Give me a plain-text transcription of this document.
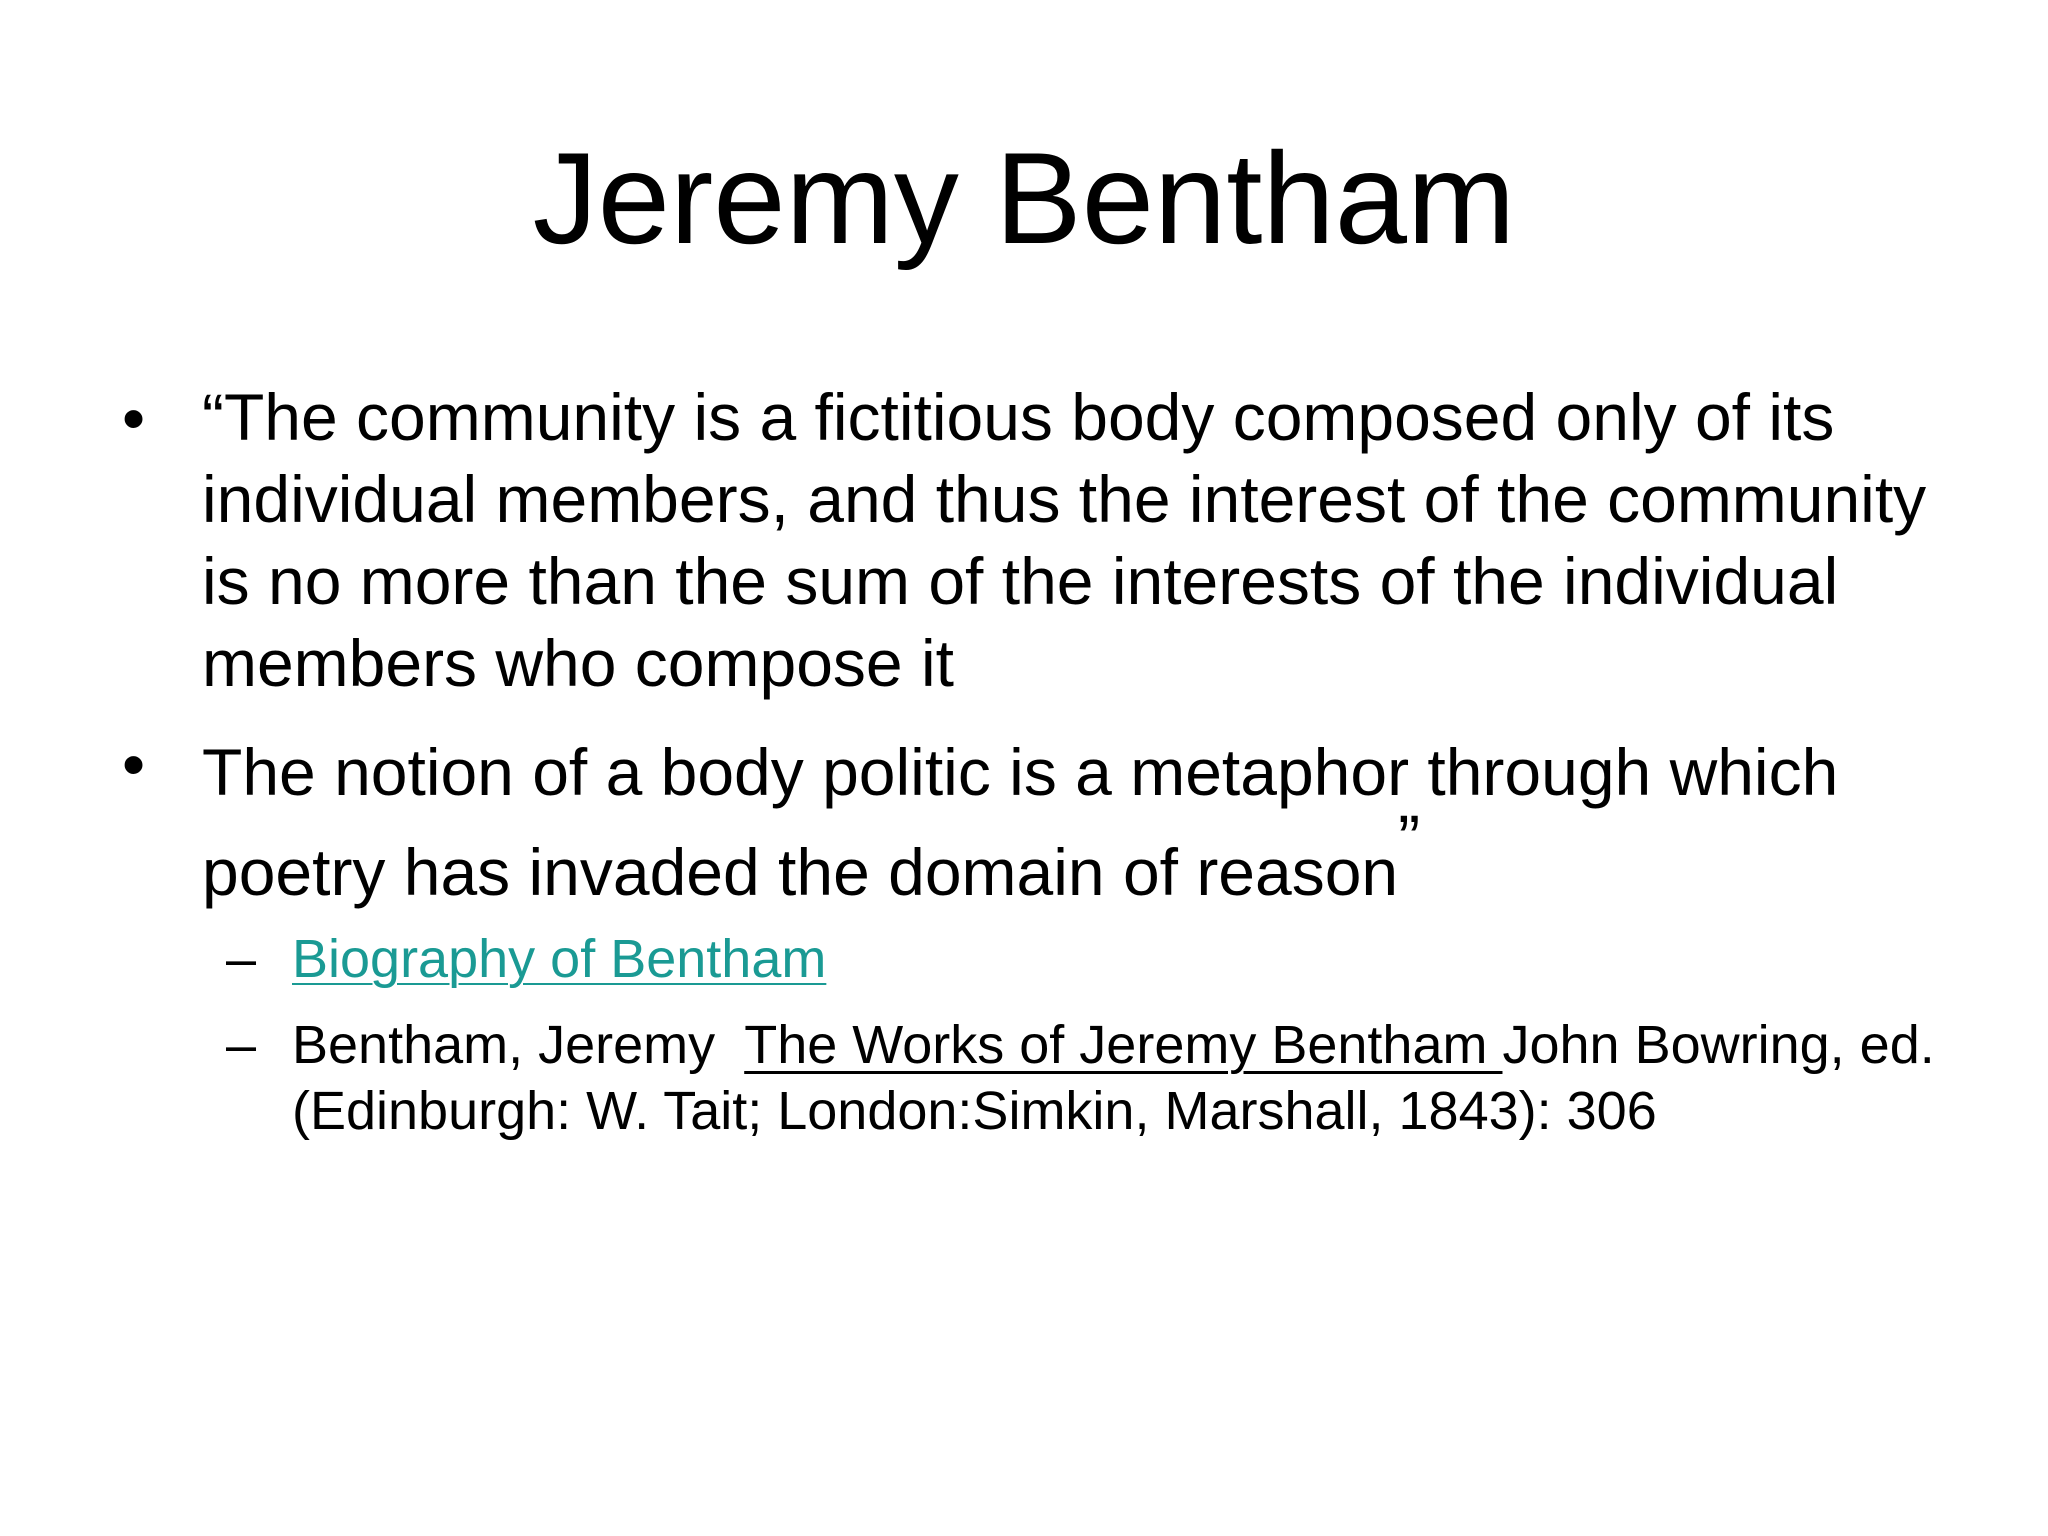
Jeremy Bentham
• “The community is a fictitious body composed only of its individual members, and thus the interest of the community is no more than the sum of the interests of the individual members who compose it

• The notion of a body politic is a metaphor through which poetry has invaded the domain of reason”

– Biography of Bentham

– Bentham, Jeremy  The Works of Jeremy Bentham John Bowring, ed. (Edinburgh: W. Tait; London:Simkin, Marshall, 1843): 306
